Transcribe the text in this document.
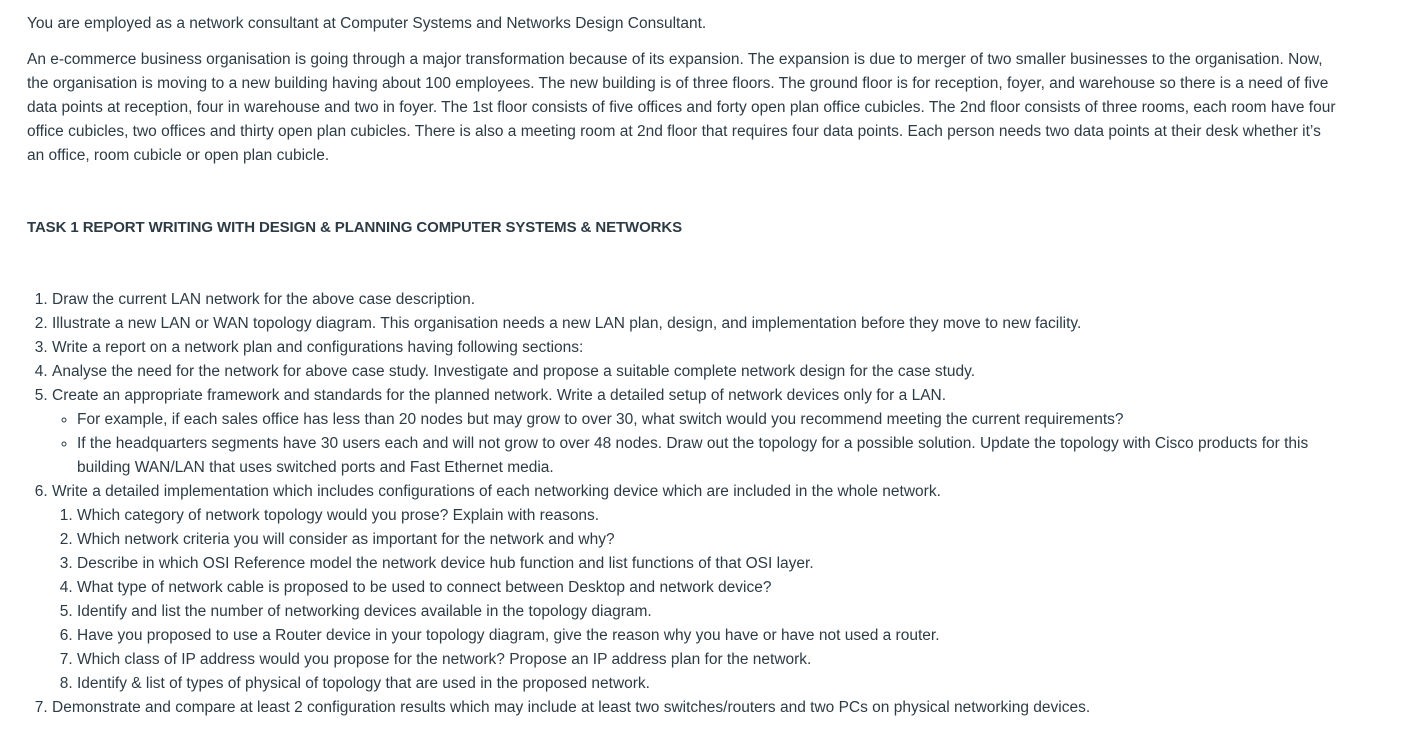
You are employed as a network consultant at Computer Systems and Networks Design Consultant.

An e-commerce business organisation is going through a major transformation because of its expansion. The expansion is due to merger of two smaller businesses to the organisation. Now, the organisation is moving to a new building having about 100 employees. The new building is of three floors. The ground floor is for reception, foyer, and warehouse so there is a need of five data points at reception, four in warehouse and two in foyer. The 1st floor consists of five offices and forty open plan office cubicles. The 2nd floor consists of three rooms, each room have four office cubicles, two offices and thirty open plan cubicles. There is also a meeting room at 2nd floor that requires four data points. Each person needs two data points at their desk whether it’s an office, room cubicle or open plan cubicle.

TASK 1 REPORT WRITING WITH DESIGN & PLANNING COMPUTER SYSTEMS & NETWORKS

1. Draw the current LAN network for the above case description.
2. Illustrate a new LAN or WAN topology diagram. This organisation needs a new LAN plan, design, and implementation before they move to new facility.
3. Write a report on a network plan and configurations having following sections:
4. Analyse the need for the network for above case study. Investigate and propose a suitable complete network design for the case study.
5. Create an appropriate framework and standards for the planned network. Write a detailed setup of network devices only for a LAN.
◦ For example, if each sales office has less than 20 nodes but may grow to over 30, what switch would you recommend meeting the current requirements?
◦ If the headquarters segments have 30 users each and will not grow to over 48 nodes. Draw out the topology for a possible solution. Update the topology with Cisco products for this building WAN/LAN that uses switched ports and Fast Ethernet media.
6. Write a detailed implementation which includes configurations of each networking device which are included in the whole network.
1. Which category of network topology would you prose? Explain with reasons.
2. Which network criteria you will consider as important for the network and why?
3. Describe in which OSI Reference model the network device hub function and list functions of that OSI layer.
4. What type of network cable is proposed to be used to connect between Desktop and network device?
5. Identify and list the number of networking devices available in the topology diagram.
6. Have you proposed to use a Router device in your topology diagram, give the reason why you have or have not used a router.
7. Which class of IP address would you propose for the network? Propose an IP address plan for the network.
8. Identify & list of types of physical of topology that are used in the proposed network.
7. Demonstrate and compare at least 2 configuration results which may include at least two switches/routers and two PCs on physical networking devices.
